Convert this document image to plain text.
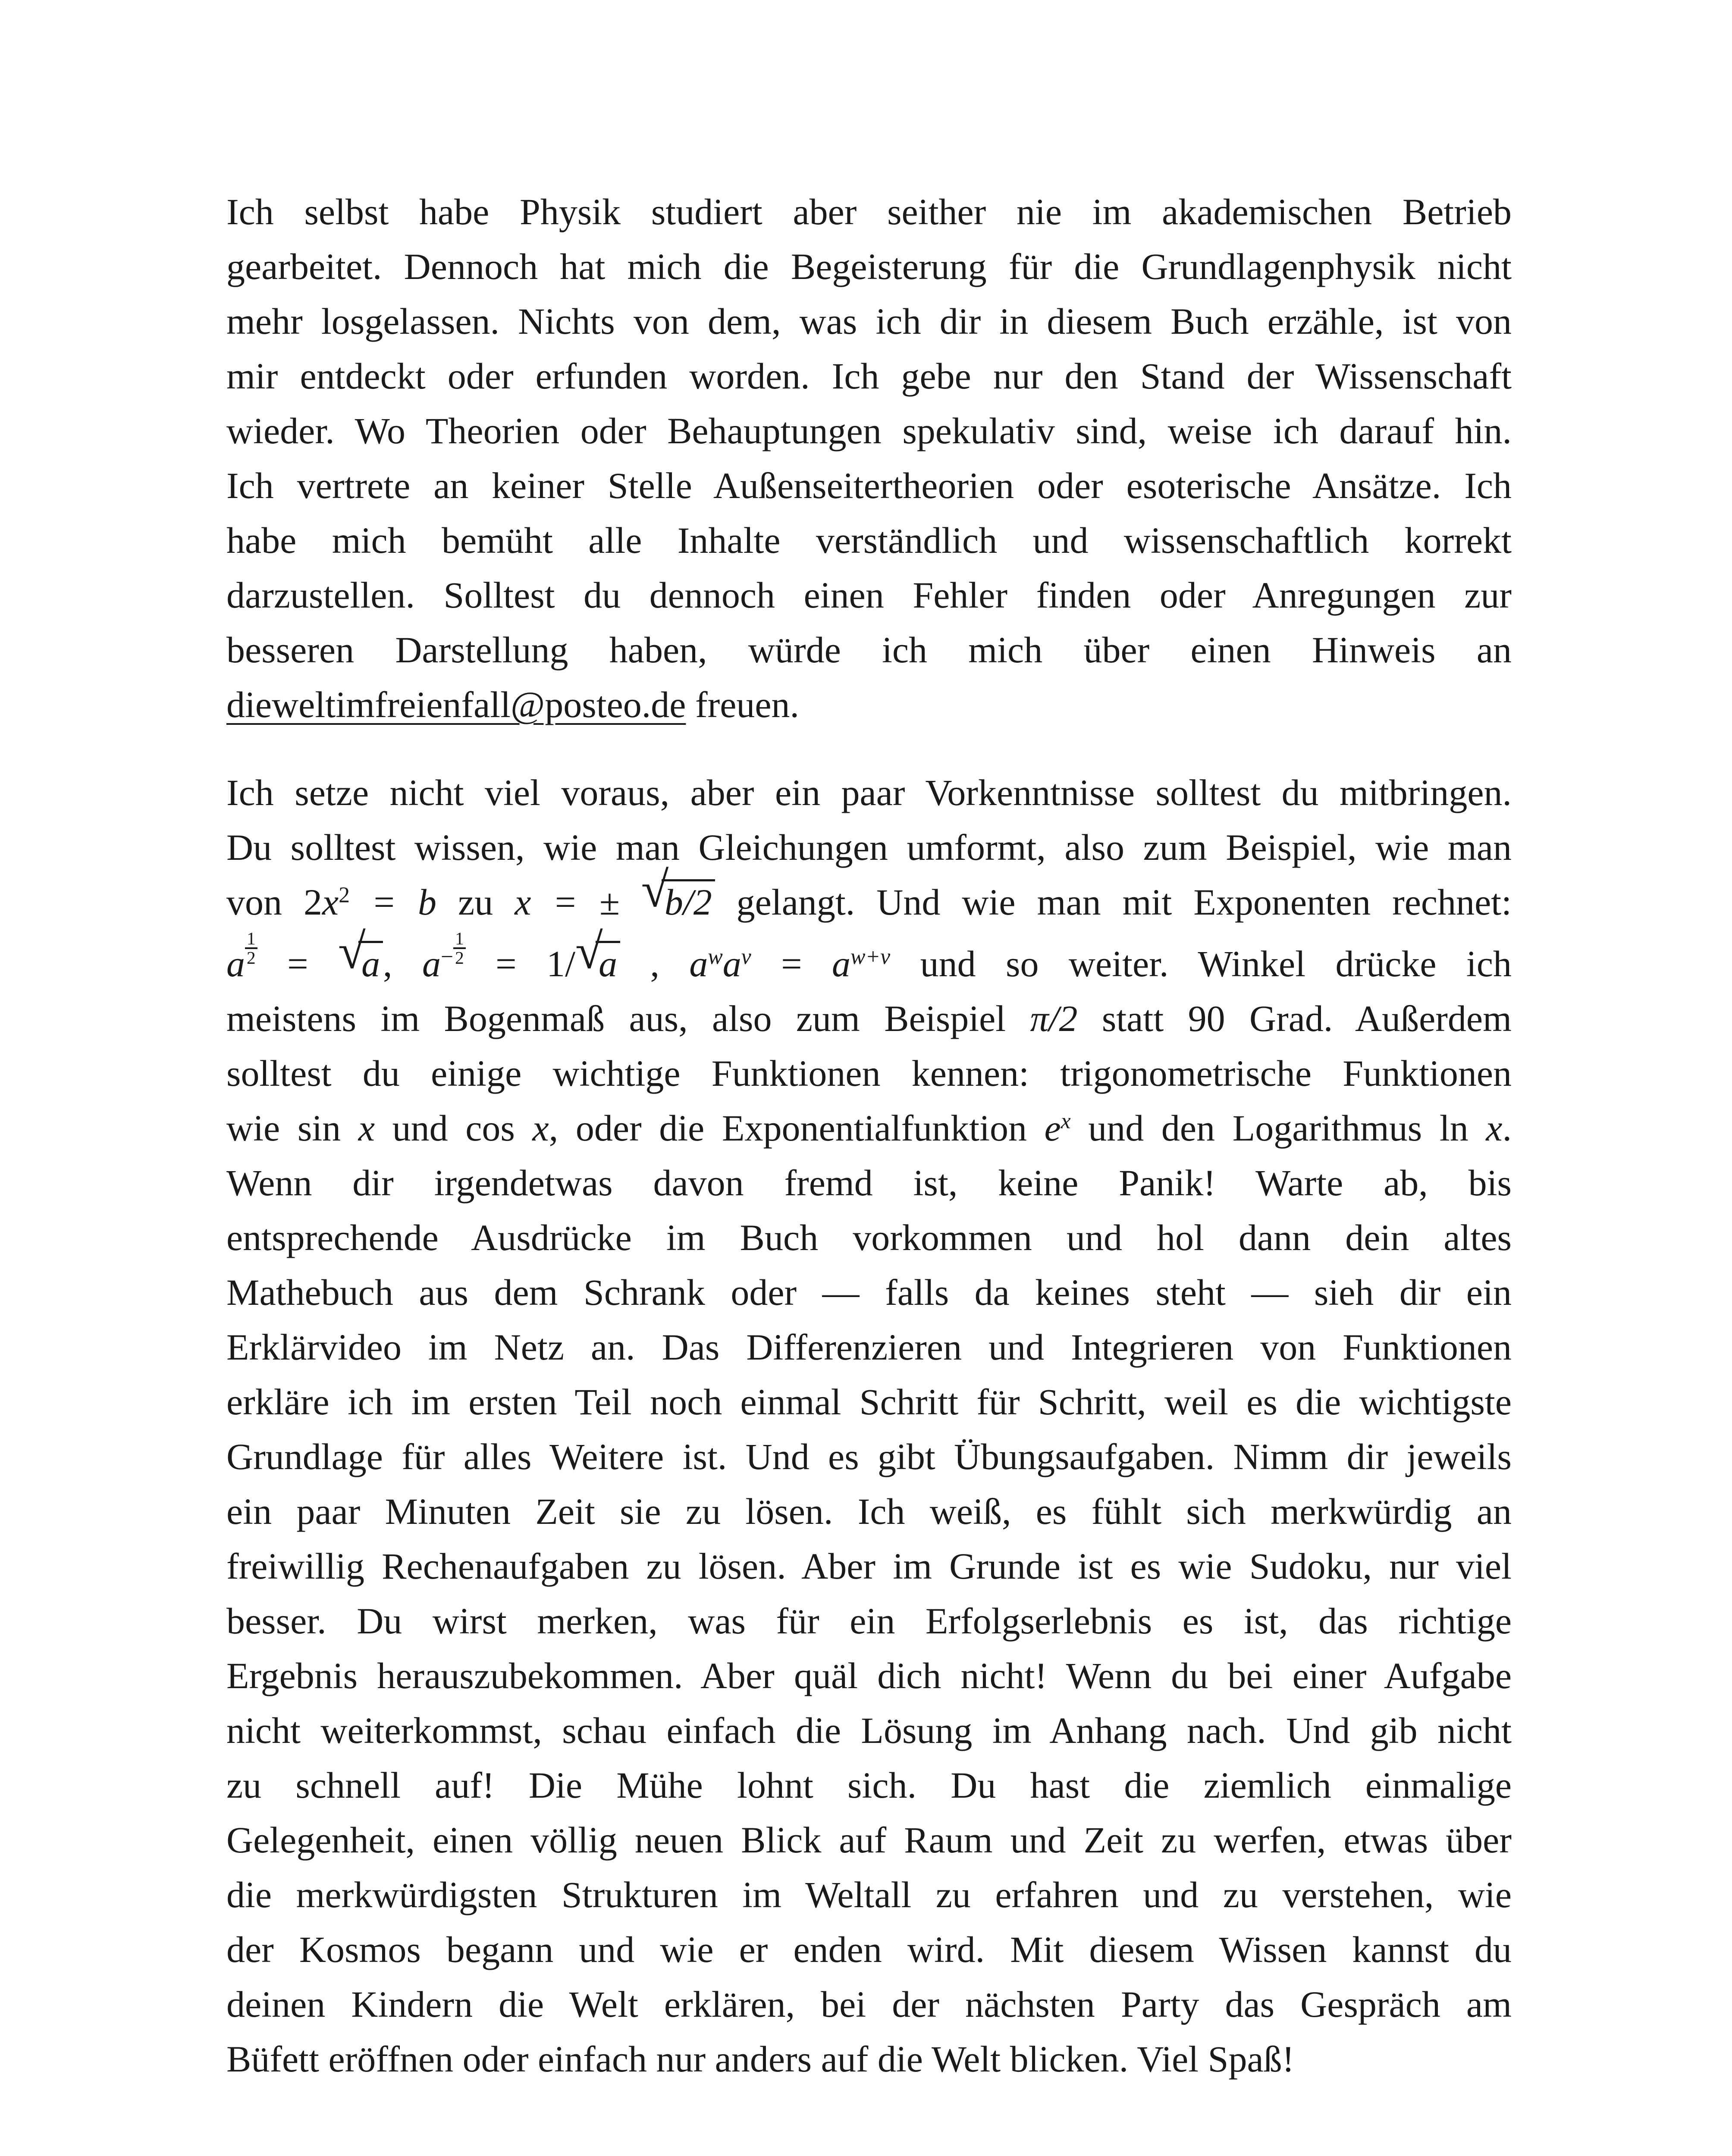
Ich selbst habe Physik studiert aber seither nie im akademischen Betrieb
gearbeitet. Dennoch hat mich die Begeisterung für die Grundlagenphysik nicht
mehr losgelassen. Nichts von dem, was ich dir in diesem Buch erzähle, ist von
mir entdeckt oder erfunden worden. Ich gebe nur den Stand der Wissenschaft
wieder. Wo Theorien oder Behauptungen spekulativ sind, weise ich darauf hin.
Ich vertrete an keiner Stelle Außenseitertheorien oder esoterische Ansätze. Ich
habe mich bemüht alle Inhalte verständlich und wissenschaftlich korrekt
darzustellen. Solltest du dennoch einen Fehler finden oder Anregungen zur
besseren Darstellung haben, würde ich mich über einen Hinweis an
dieweltimfreienfall@posteo.de freuen.
Ich setze nicht viel voraus, aber ein paar Vorkenntnisse solltest du mitbringen.
Du solltest wissen, wie man Gleichungen umformt, also zum Beispiel, wie man
von $2x^2 = b$ zu x = ± √
b/2 gelangt. Und wie man mit Exponenten rechnet:
a $\frac{1}{2}$ = √
a, $a^- \frac{1}{2} = 1/$ √
a , $a^wa^v = a^{w+v}$ und so weiter. Winkel drücke ich
meistens im Bogenmaß aus, also zum Beispiel π/2 statt 90 Grad. Außerdem
solltest du einige wichtige Funktionen kennen: trigonometrische Funktionen
wie sin x und cos x, oder die Exponentialfunktion $e^x$ und den Logarithmus ln x.
Wenn dir irgendetwas davon fremd ist, keine Panik! Warte ab, bis
entsprechende Ausdrücke im Buch vorkommen und hol dann dein altes
Mathebuch aus dem Schrank oder — falls da keines steht — sieh dir ein
Erklärvideo im Netz an. Das Differenzieren und Integrieren von Funktionen
erkläre ich im ersten Teil noch einmal Schritt für Schritt, weil es die wichtigste
Grundlage für alles Weitere ist. Und es gibt Übungsaufgaben. Nimm dir jeweils
ein paar Minuten Zeit sie zu lösen. Ich weiß, es fühlt sich merkwürdig an
freiwillig Rechenaufgaben zu lösen. Aber im Grunde ist es wie Sudoku, nur viel
besser. Du wirst merken, was für ein Erfolgserlebnis es ist, das richtige
Ergebnis herauszubekommen. Aber quäl dich nicht! Wenn du bei einer Aufgabe
nicht weiterkommst, schau einfach die Lösung im Anhang nach. Und gib nicht
zu schnell auf! Die Mühe lohnt sich. Du hast die ziemlich einmalige
Gelegenheit, einen völlig neuen Blick auf Raum und Zeit zu werfen, etwas über
die merkwürdigsten Strukturen im Weltall zu erfahren und zu verstehen, wie
der Kosmos begann und wie er enden wird. Mit diesem Wissen kannst du
deinen Kindern die Welt erklären, bei der nächsten Party das Gespräch am
Büfett eröffnen oder einfach nur anders auf die Welt blicken. Viel Spaß!
